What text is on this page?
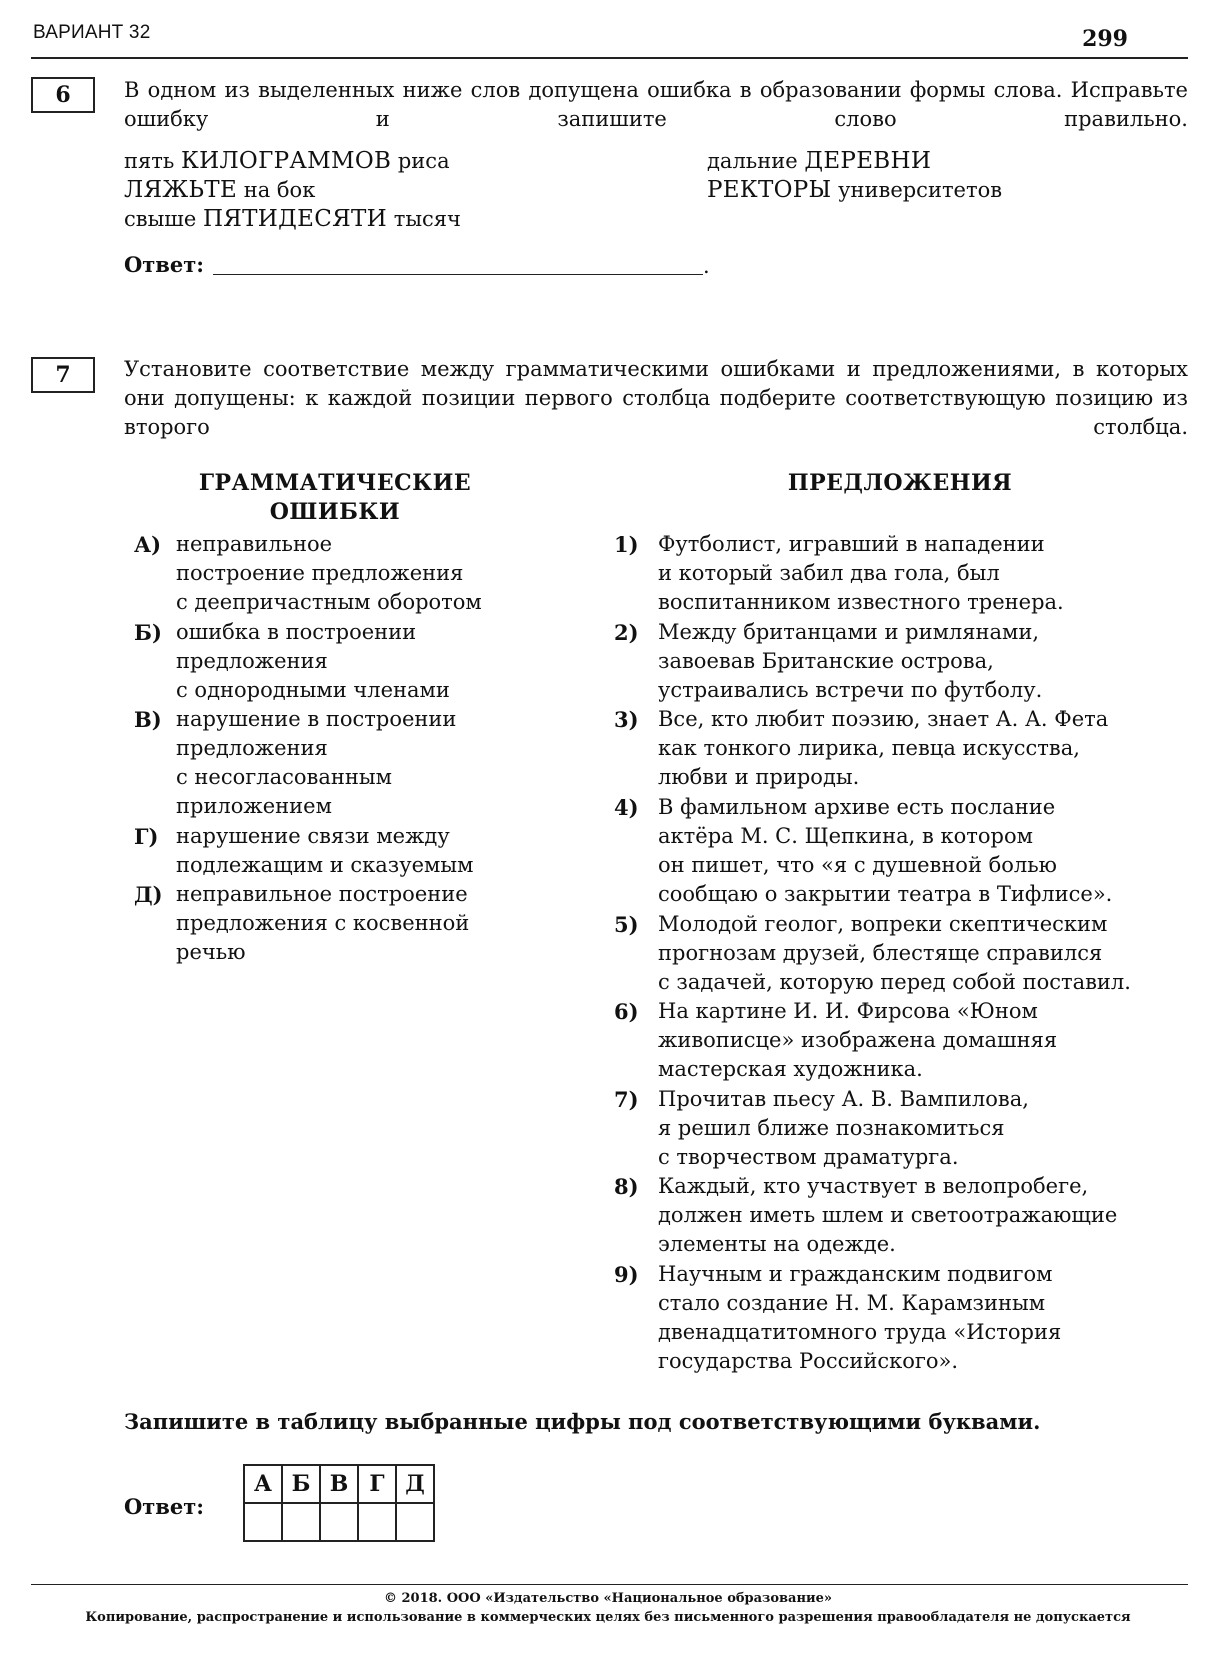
ВАРИАНТ 32	299
6	В одном из выделенных ниже слов допущена ошибка в образовании формы слова. Исправьте ошибку и запишите слово правильно.
пять КИЛОГРАММОВ риса
ЛЯЖЬТЕ на бок
свыше ПЯТИДЕСЯТИ тысяч
дальние ДЕРЕВНИ
РЕКТОРЫ университетов
Ответ:	.
7	Установите соответствие между грамматическими ошибками и предложениями, в которых они допущены: к каждой позиции первого столбца подберите соответствующую позицию из второго столбца.
ГРАММАТИЧЕСКИЕ
ОШИБКИ
ПРЕДЛОЖЕНИЯ
А) неправильное
построение предложения
с деепричастным оборотом
Б) ошибка в построении
предложения
с однородными членами
В) нарушение в построении
предложения
с несогласованным
приложением
Г) нарушение связи между
подлежащим и сказуемым
Д) неправильное построение
предложения с косвенной
речью
1) Футболист, игравший в нападении
и который забил два гола, был
воспитанником известного тренера.
2) Между британцами и римлянами,
завоевав Британские острова,
устраивались встречи по футболу.
3) Все, кто любит поэзию, знает А. А. Фета
как тонкого лирика, певца искусства,
любви и природы.
4) В фамильном архиве есть послание
актёра М. С. Щепкина, в котором
он пишет, что «я с душевной болью
сообщаю о закрытии театра в Тифлисе».
5) Молодой геолог, вопреки скептическим
прогнозам друзей, блестяще справился
с задачей, которую перед собой поставил.
6) На картине И. И. Фирсова «Юном
живописце» изображена домашняя
мастерская художника.
7) Прочитав пьесу А. В. Вампилова,
я решил ближе познакомиться
с творчеством драматурга.
8) Каждый, кто участвует в велопробеге,
должен иметь шлем и светоотражающие
элементы на одежде.
9) Научным и гражданским подвигом
стало создание Н. М. Карамзиным
двенадцатитомного труда «История
государства Российского».
Запишите в таблицу выбранные цифры под соответствующими буквами.
Ответ:
А	Б	В	Г	Д

© 2018. ООО «Издательство «Национальное образование»
Копирование, распространение и использование в коммерческих целях без письменного разрешения правообладателя не допускается
